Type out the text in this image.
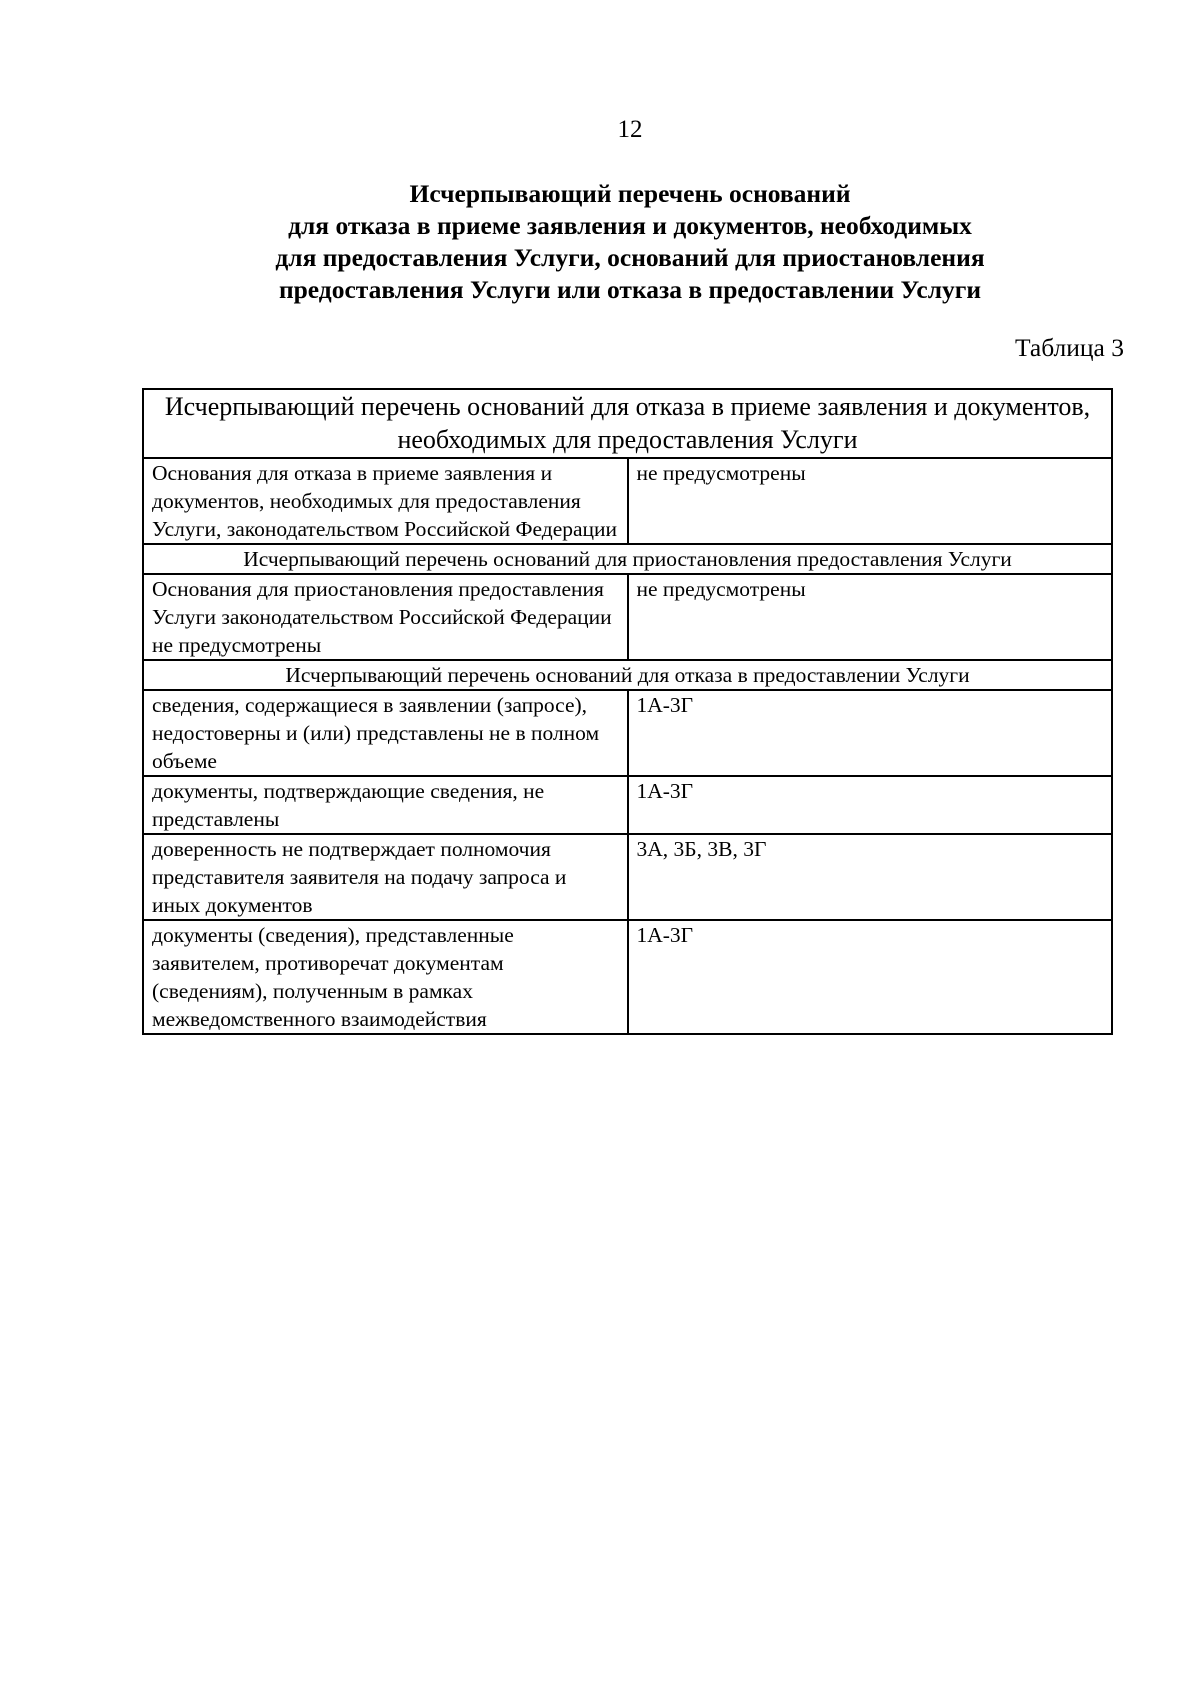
12
Исчерпывающий перечень оснований
для отказа в приеме заявления и документов, необходимых
для предоставления Услуги, оснований для приостановления
предоставления Услуги или отказа в предоставлении Услуги
Таблица 3
Исчерпывающий перечень оснований для отказа в приеме заявления и документов, необходимых для предоставления Услуги	
Основания для отказа в приеме заявления и документов, необходимых для предоставления Услуги, законодательством Российской Федерации	не предусмотрены
Исчерпывающий перечень оснований для приостановления предоставления Услуги	
Основания для приостановления предоставления Услуги законодательством Российской Федерации не предусмотрены	не предусмотрены
Исчерпывающий перечень оснований для отказа в предоставлении Услуги	
сведения, содержащиеся в заявлении (запросе), недостоверны и (или) представлены не в полном объеме	1А-3Г
документы, подтверждающие сведения, не представлены	1А-3Г
доверенность не подтверждает полномочия представителя заявителя на подачу запроса и иных документов	3А, 3Б, 3В, 3Г
документы (сведения), представленные заявителем, противоречат документам (сведениям), полученным в рамках межведомственного взаимодействия	1А-3Г
